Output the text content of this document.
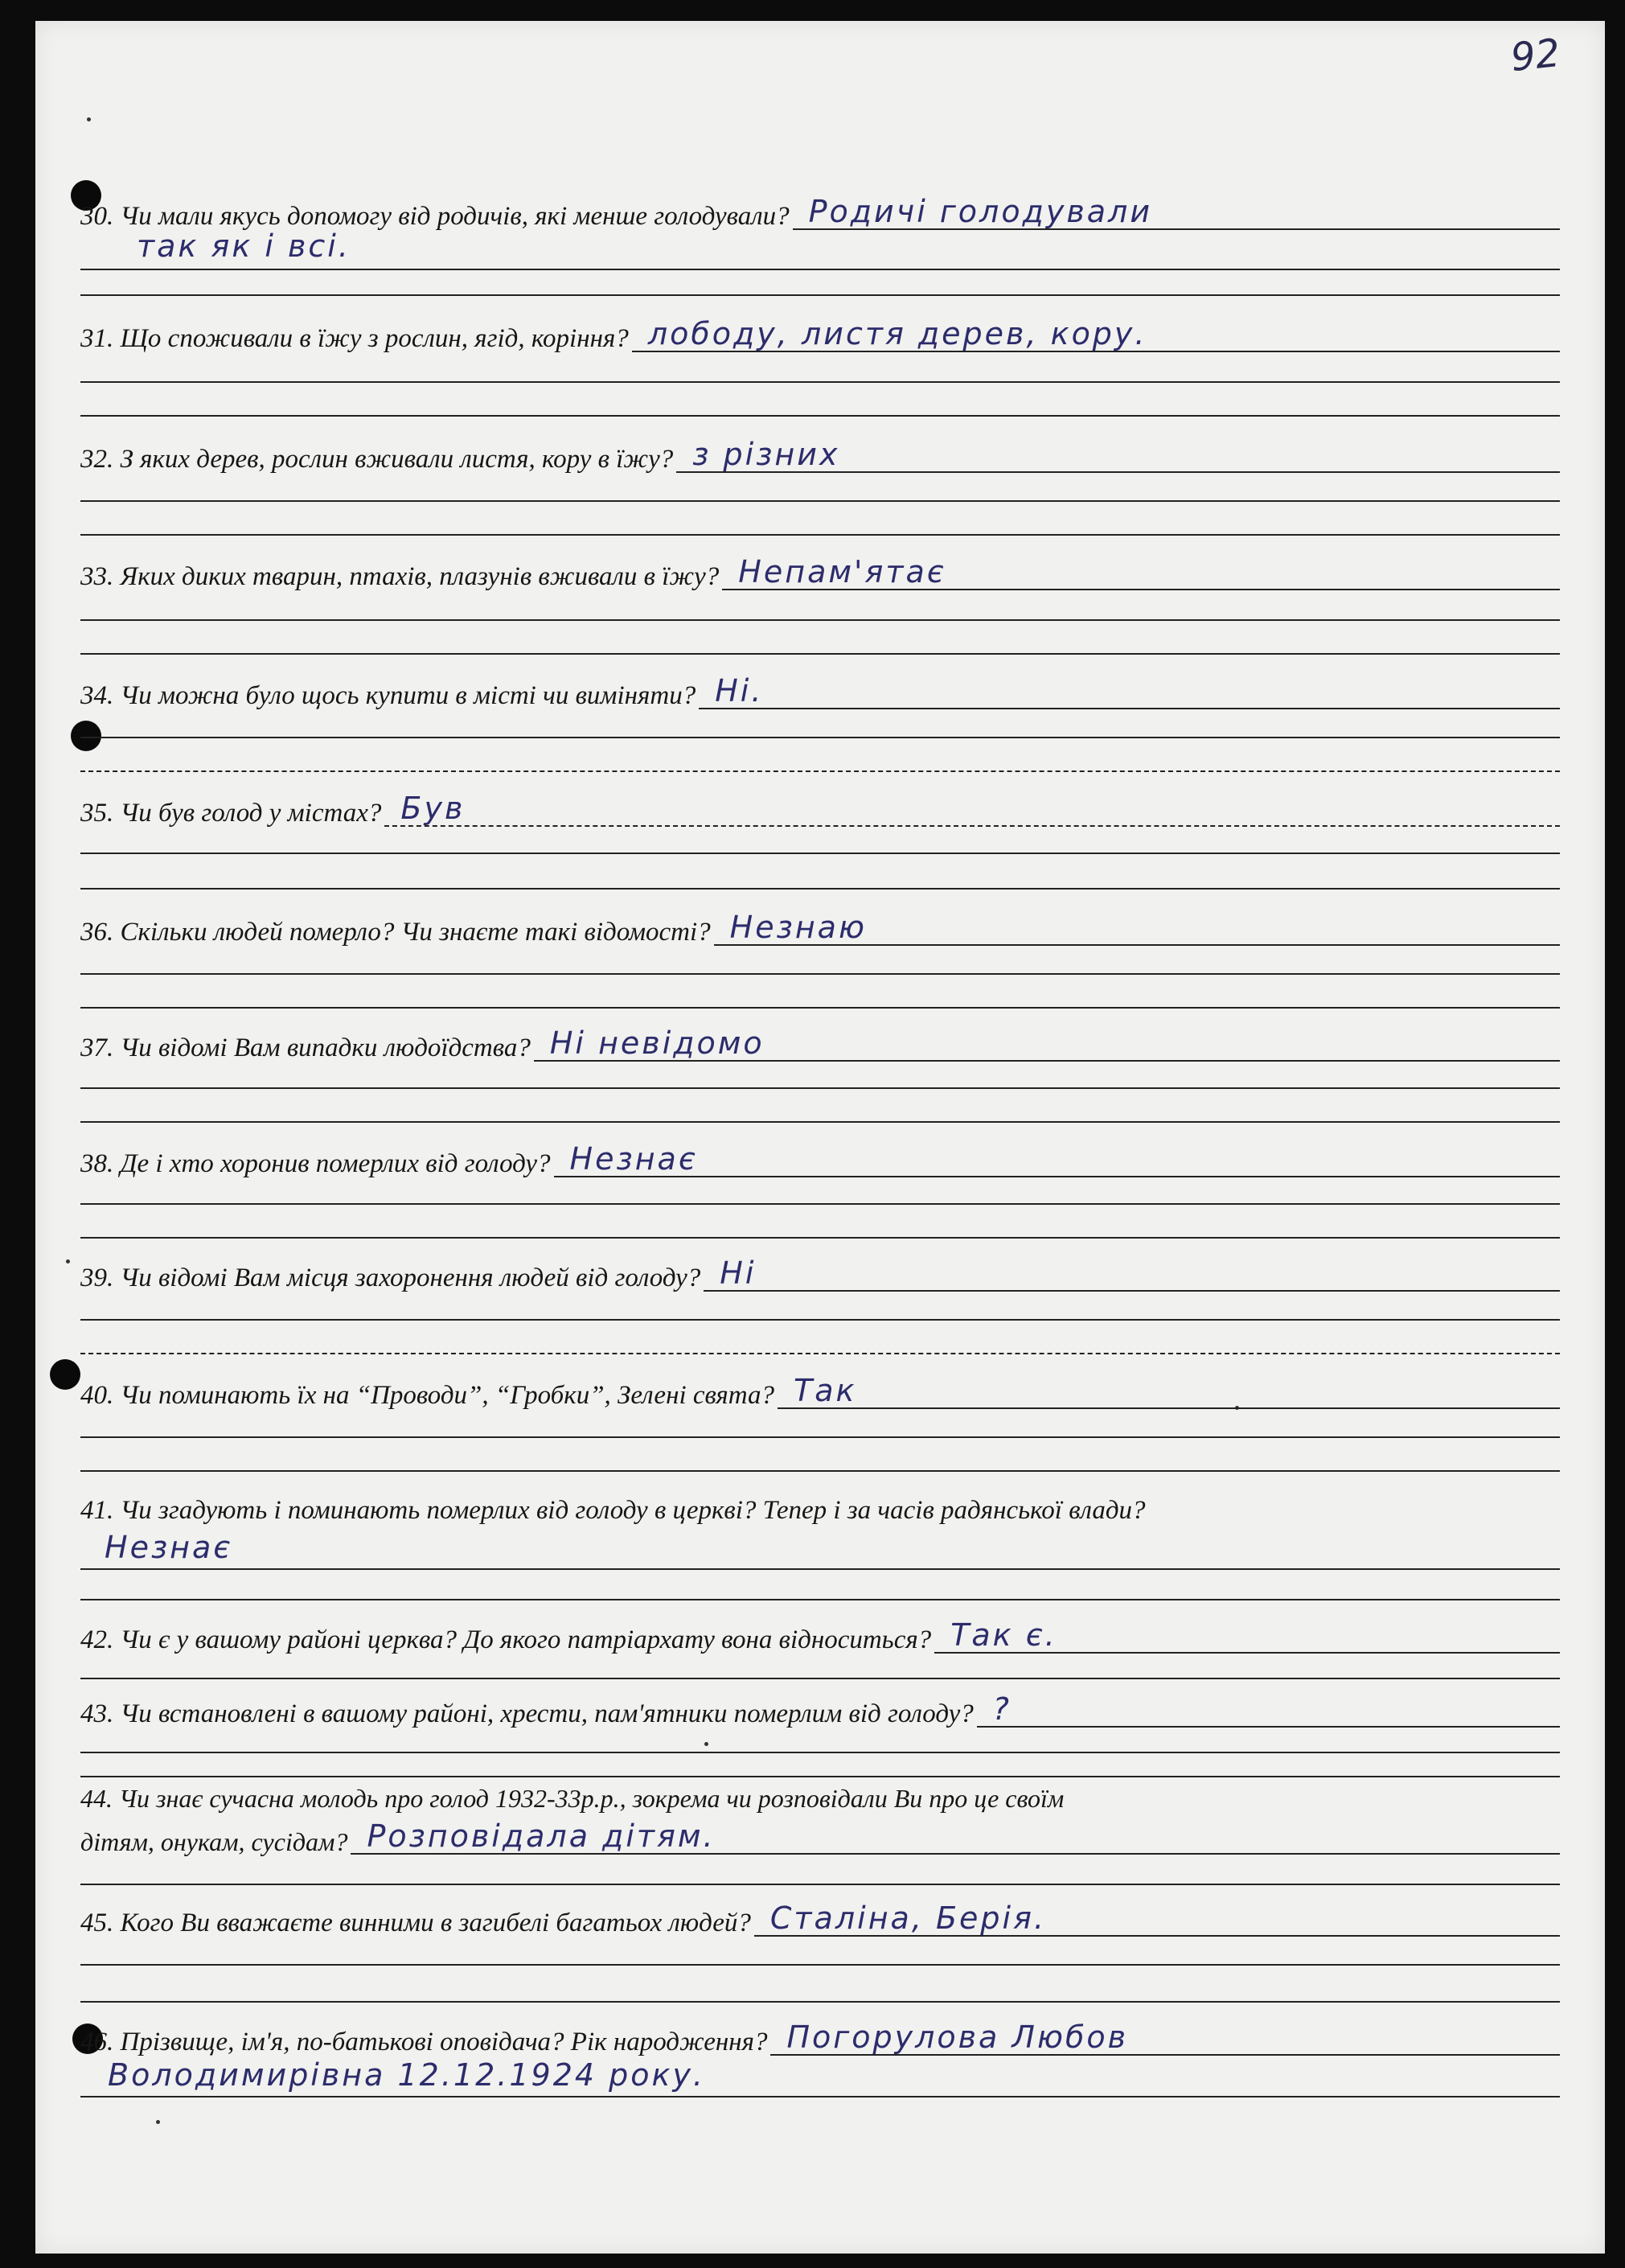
92
30. Чи мали якусь допомогу від родичів, які менше голодували? Родичі голодували
так як і всі.
31. Що споживали в їжу з рослин, ягід, коріння? лободу, листя дерев, кору.
32. З яких дерев, рослин вживали листя, кору в їжу? з різних
33. Яких диких тварин, птахів, плазунів вживали в їжу? Непам'ятає
34. Чи можна було щось купити в місті чи виміняти? Ні.
35. Чи був голод у містах? Був
36. Скільки людей померло? Чи знаєте такі відомості? Незнаю
37. Чи відомі Вам випадки людоїдства? Ні невідомо
38. Де і хто хоронив померлих від голоду? Незнає
39. Чи відомі Вам місця захоронення людей від голоду? Ні
40. Чи поминають їх на “Проводи”, “Гробки”, Зелені свята? Так
41. Чи згадують і поминають померлих від голоду в церкві? Тепер і за часів радянської влади?
Незнає
42. Чи є у вашому районі церква? До якого патріархату вона відноситься? Так є.
43. Чи встановлені в вашому районі, хрести, пам'ятники померлим від голоду? ?
44. Чи знає сучасна молодь про голод 1932-33р.р., зокрема чи розповідали Ви про це своїм
дітям, онукам, сусідам? Розповідала дітям.
45. Кого Ви вважаєте винними в загибелі багатьох людей? Сталіна, Берія.
46. Прізвище, ім'я, по-батькові оповідача? Рік народження? Погорулова Любов
Володимирівна 12.12.1924 року.
